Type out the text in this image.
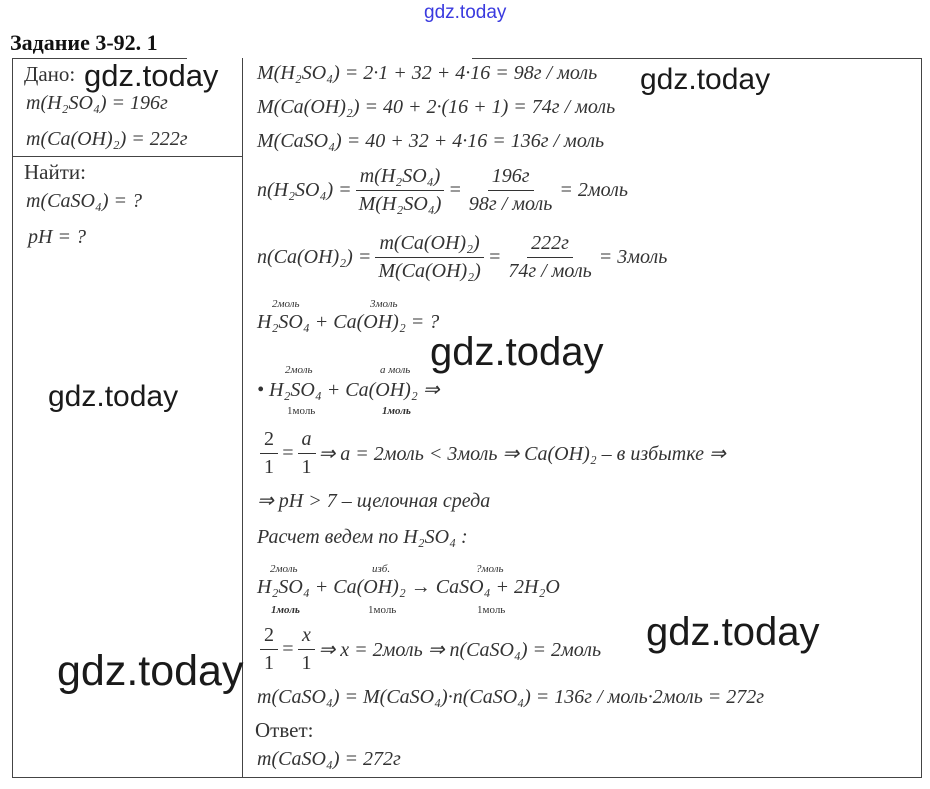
gdz.today
Задание 3-92. 1
Дано:
m(H₂SO₄) = 196г
m(Ca(OH)₂) = 222г
Найти:
m(CaSO₄) = ?
pH = ?
M(H₂SO₄) = 2·1 + 32 + 4·16 = 98г / моль
M(Ca(OH)₂) = 40 + 2·(16 + 1) = 74г / моль
M(CaSO₄) = 40 + 32 + 4·16 = 136г / моль
$n(H_2SO_4) = \frac{\text{m(H₂SO₄)}}{\text{M(H₂SO₄)}} = \frac{196г}{\text{98г / моль}}$ = 2моль
$n(Ca(OH)_2) = \frac{\text{m(Ca(OH)₂)}}{\text{M(Ca(OH)₂)}} = \frac{222г}{\text{74г / моль}}$ = 3моль
2моль	3моль
H₂SO₄ + Ca(OH)₂ = ?
2моль	а моль
• H₂SO₄ + Ca(OH)₂ ⇒
1моль	1моль
$\frac{2}{1} = \frac{а}{1}$ ⇒ а = 2моль < 3моль ⇒ Ca(OH)₂ – в избытке ⇒
⇒ pH > 7 – щелочная среда
Расчет ведем по H₂SO₄ :
2моль	изб.	?моль
H₂SO₄ + Ca(OH)₂ → CaSO₄ + 2H₂O
1моль	1моль	1моль
$\frac{2}{1} = \frac{x}{1}$ ⇒ x = 2моль ⇒ n(CaSO₄) = 2моль
m(CaSO₄) = M(CaSO₄)·n(CaSO₄) = 136г / моль·2моль = 272г
Ответ:
m(CaSO₄) = 272г
gdz.today	gdz.today
gdz.today
gdz.today
gdz.today
gdz.today
